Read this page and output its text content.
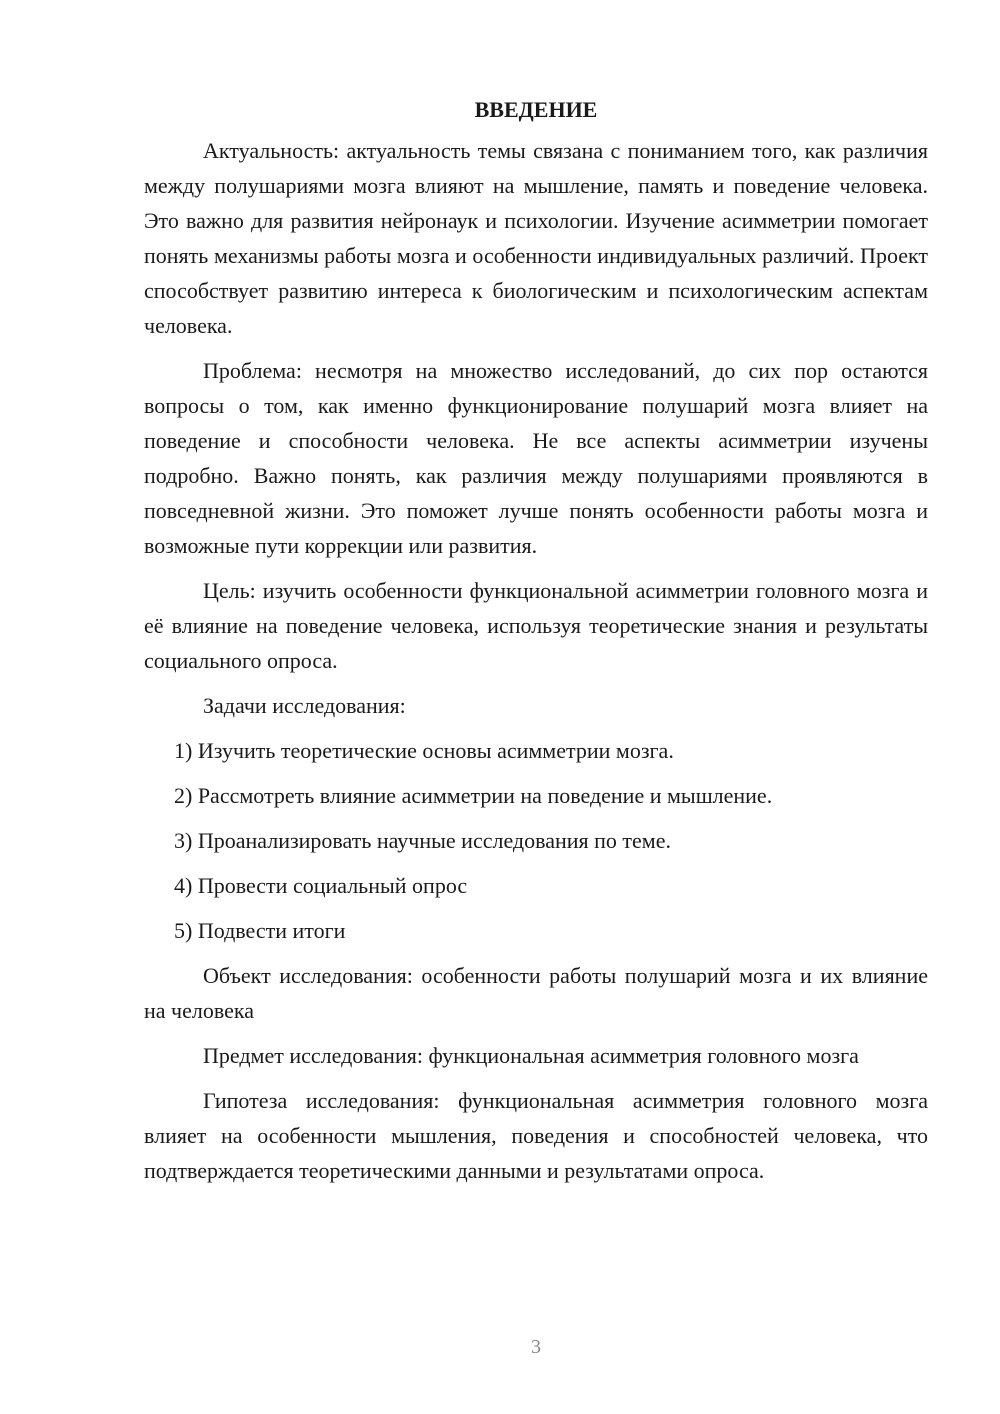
ВВЕДЕНИЕ

Актуальность: актуальность темы связана с пониманием того, как различия между полушариями мозга влияют на мышление, память и поведение человека. Это важно для развития нейронаук и психологии. Изучение асимметрии помогает понять механизмы работы мозга и особенности индивидуальных различий. Проект способствует развитию интереса к биологическим и психологическим аспектам человека.

Проблема: несмотря на множество исследований, до сих пор остаются вопросы о том, как именно функционирование полушарий мозга влияет на поведение и способности человека. Не все аспекты асимметрии изучены подробно. Важно понять, как различия между полушариями проявляются в повседневной жизни. Это поможет лучше понять особенности работы мозга и возможные пути коррекции или развития.

Цель: изучить особенности функциональной асимметрии головного мозга и её влияние на поведение человека, используя теоретические знания и результаты социального опроса.

Задачи исследования:

1) Изучить теоретические основы асимметрии мозга.

2) Рассмотреть влияние асимметрии на поведение и мышление.

3) Проанализировать научные исследования по теме.

4) Провести социальный опрос

5) Подвести итоги

Объект исследования: особенности работы полушарий мозга и их влияние на человека

Предмет исследования: функциональная асимметрия головного мозга

Гипотеза исследования: функциональная асимметрия головного мозга влияет на особенности мышления, поведения и способностей человека, что подтверждается теоретическими данными и результатами опроса.

3
